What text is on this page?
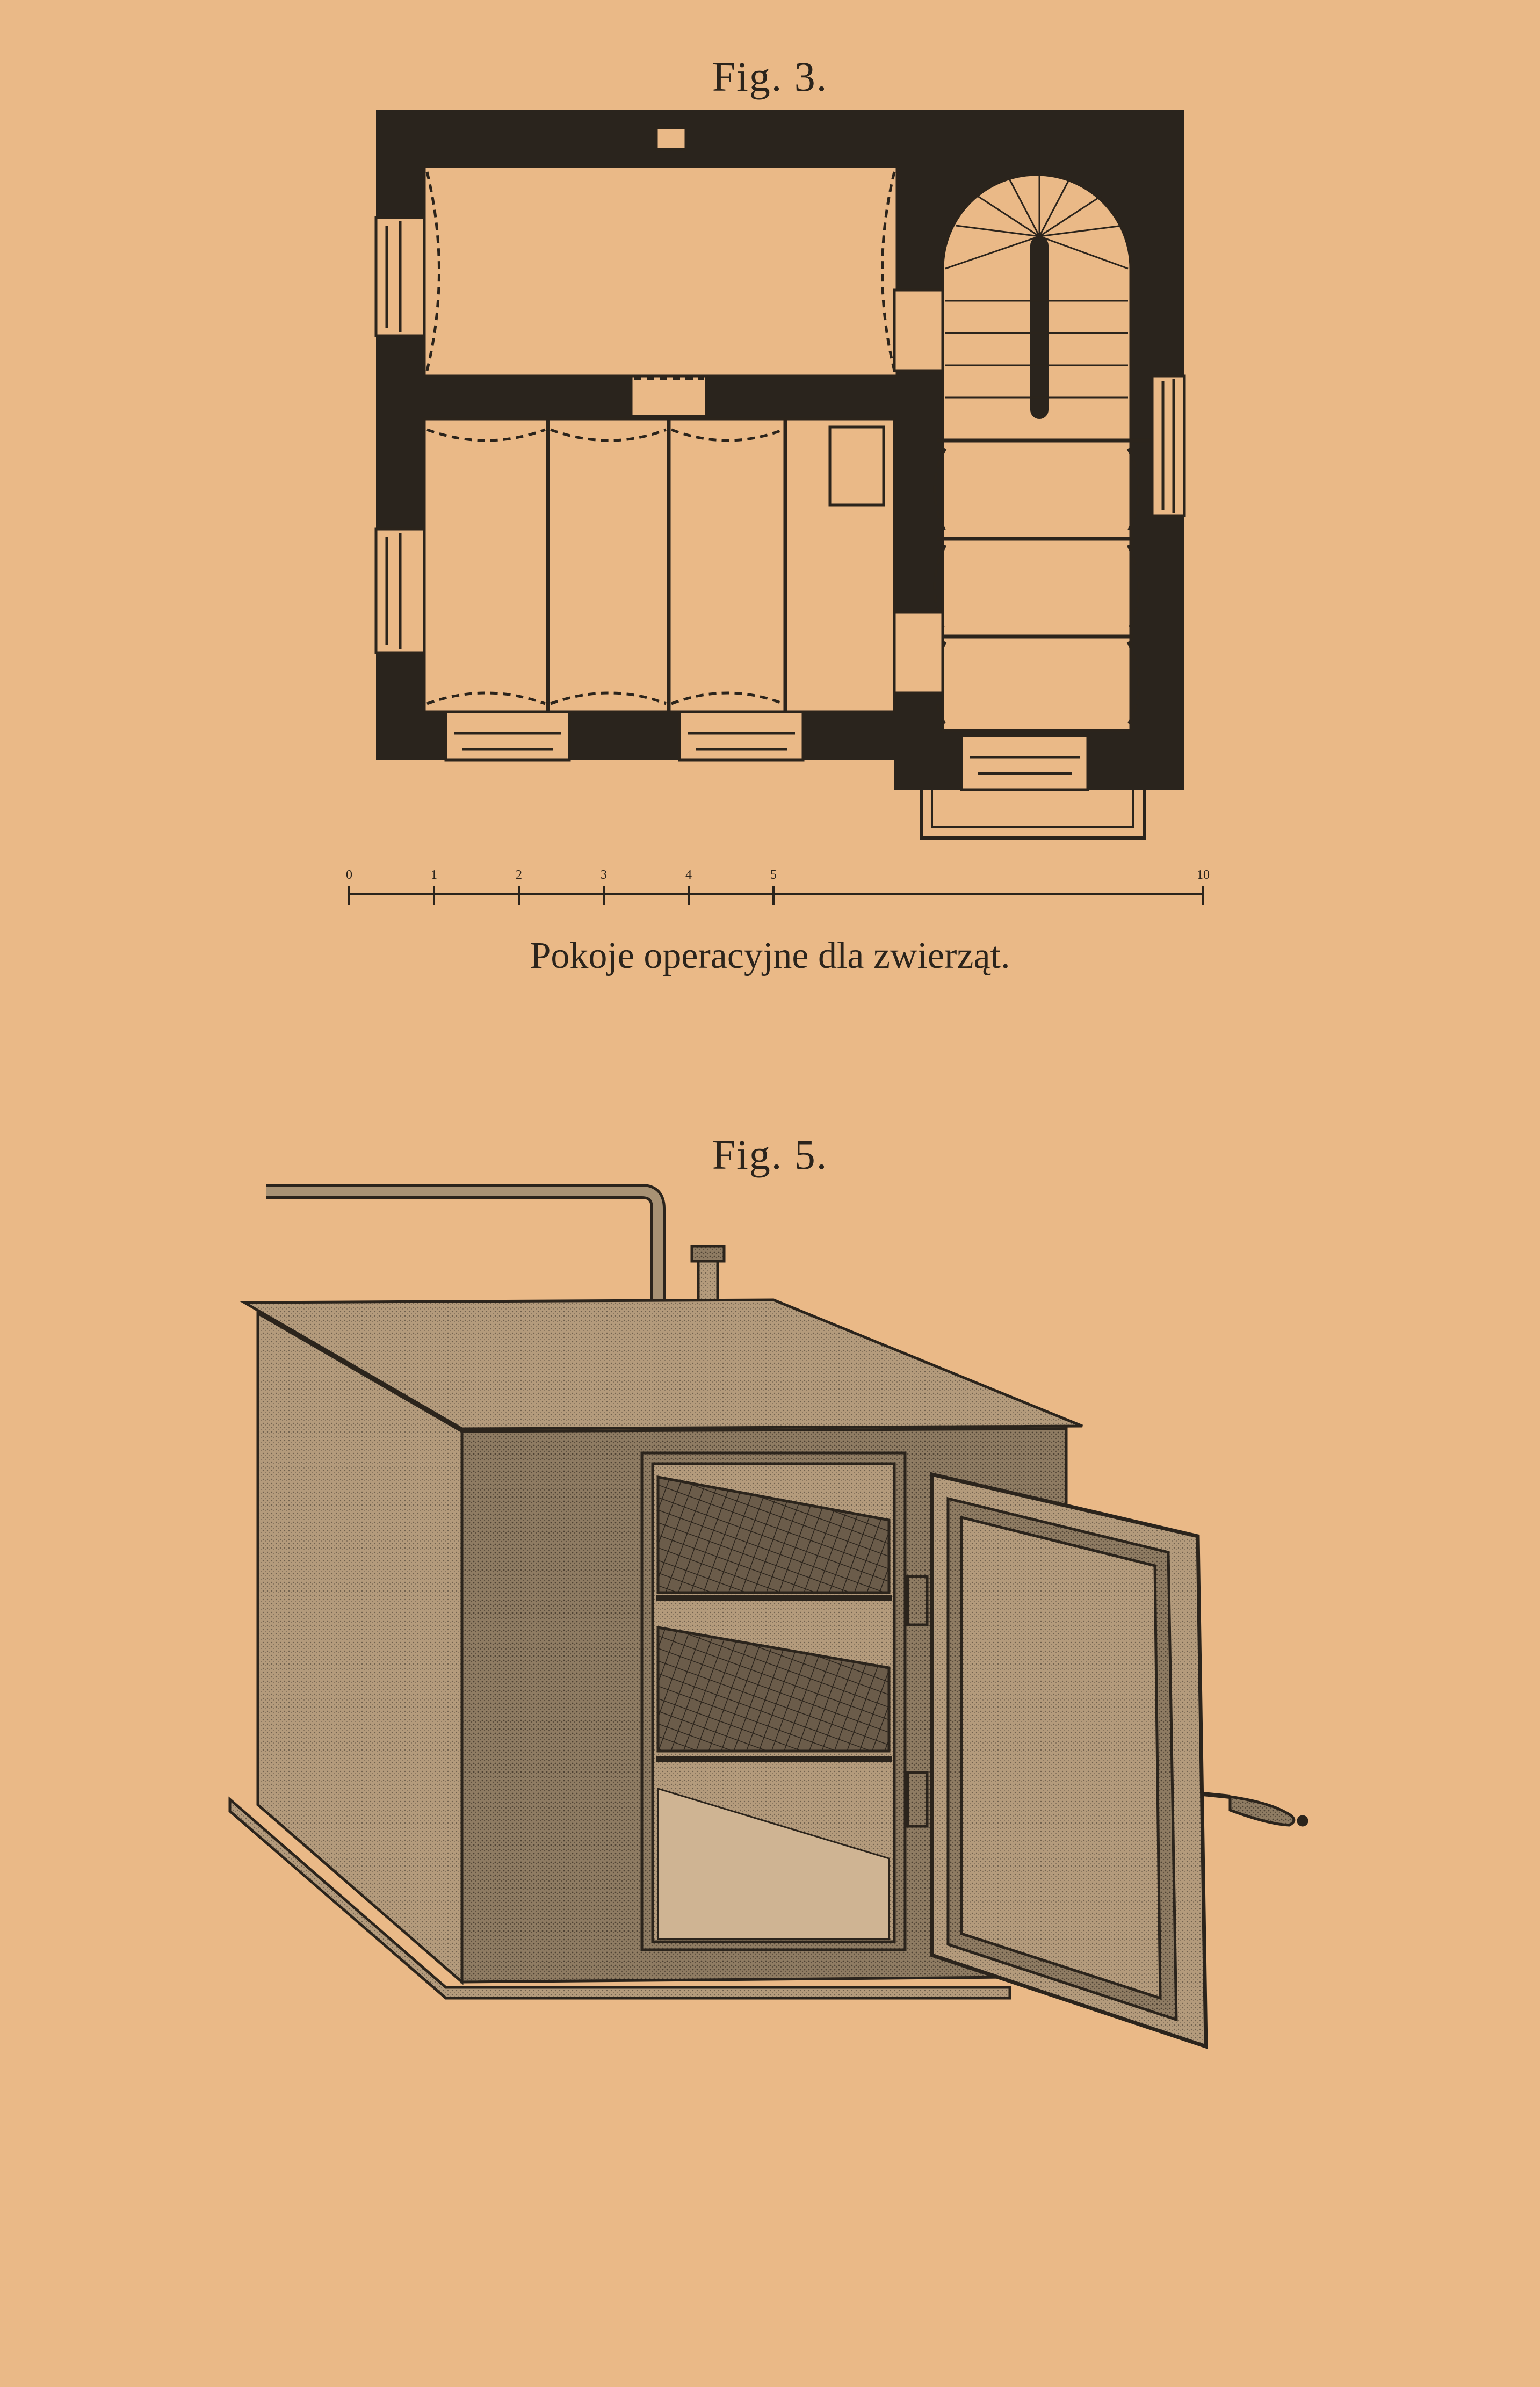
Fig. 3.
0	1	2	3	4	5	10
Pokoje operacyjne dla zwierząt.
Fig. 5.
